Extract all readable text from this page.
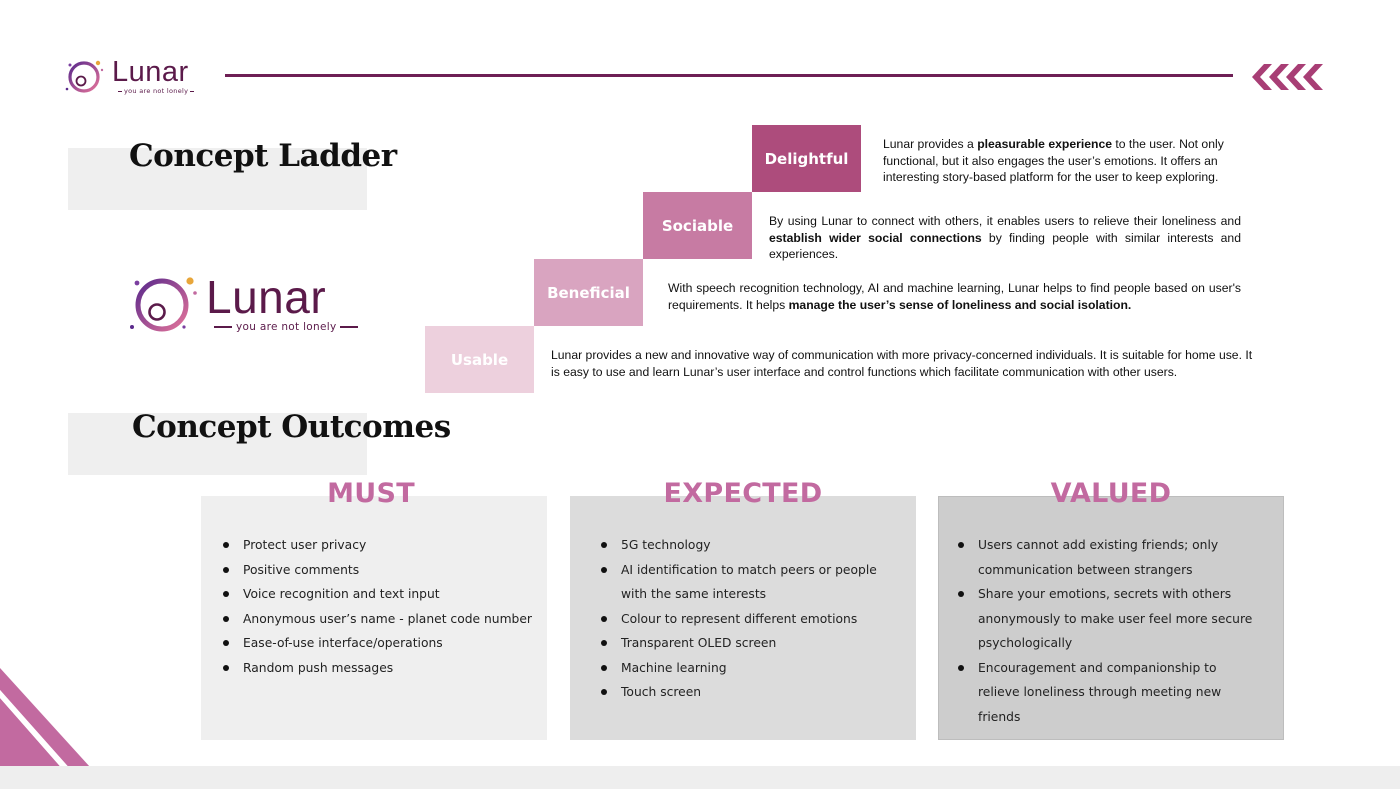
Lunar
you are not lonely
Concept Ladder
Lunar
you are not lonely
Delightful
Sociable
Beneficial
Usable
Lunar provides a pleasurable experience to the user. Not only functional, but it also engages the user’s emotions. It offers an interesting story-based platform for the user to keep exploring.
By using Lunar to connect with others, it enables users to relieve their loneliness and establish wider social connections by finding people with similar interests and experiences.
With speech recognition technology, AI and machine learning, Lunar helps to find people based on user's requirements. It helps manage the user’s sense of loneliness and social isolation.
Lunar provides a new and innovative way of communication with more privacy-concerned individuals. It is suitable for home use. It is easy to use and learn Lunar’s user interface and control functions which facilitate communication with other users.
Concept Outcomes
MUST	EXPECTED	VALUED
Protect user privacy
Positive comments
Voice recognition and text input
Anonymous user’s name - planet code number
Ease-of-use interface/operations
Random push messages
5G technology
AI identification to match peers or people with the same interests
Colour to represent different emotions
Transparent OLED screen
Machine learning
Touch screen
Users cannot add existing friends; only communication between strangers
Share your emotions, secrets with others anonymously to make user feel more secure psychologically
Encouragement and companionship to relieve loneliness through meeting new friends
